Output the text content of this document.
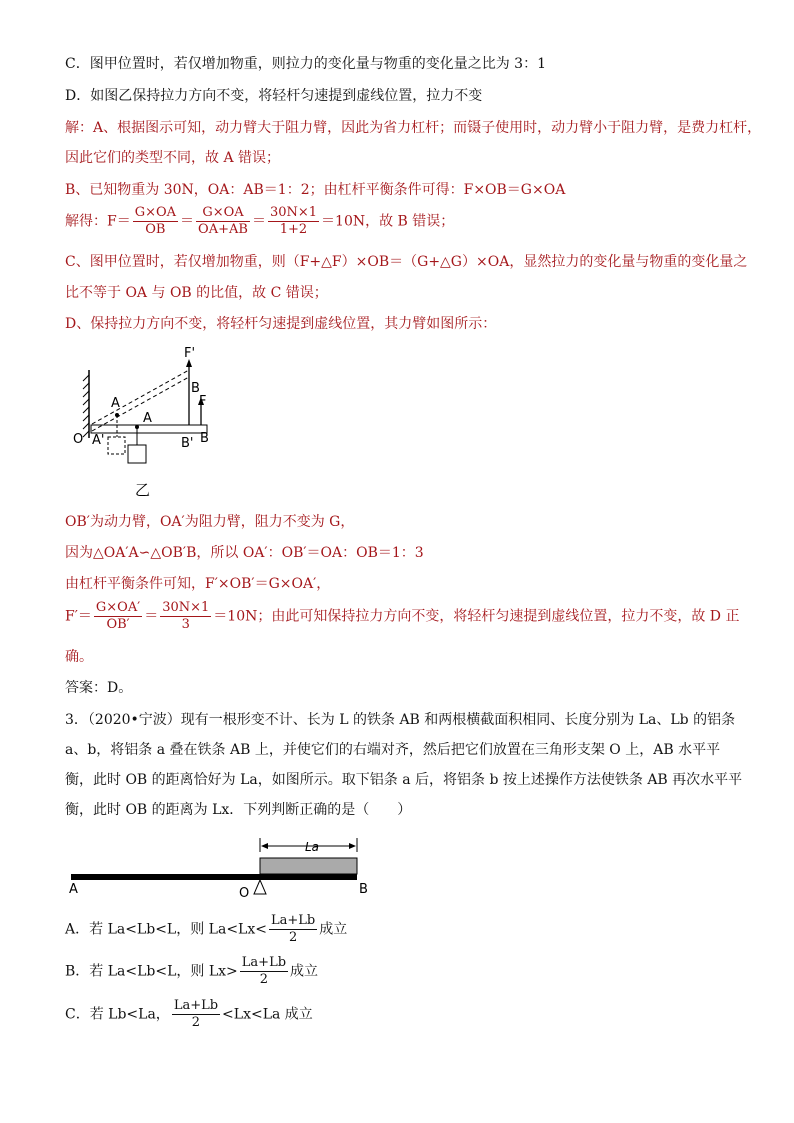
C．图甲位置时，若仅增加物重，则拉力的变化量与物重的变化量之比为 3：1
D．如图乙保持拉力方向不变，将轻杆匀速提到虚线位置，拉力不变
解：A、根据图示可知，动力臂大于阻力臂，因此为省力杠杆；而镊子使用时，动力臂小于阻力臂，是费力杠杆，
因此它们的类型不同，故 A 错误；
B、已知物重为 30N，OA：AB＝1：2；由杠杆平衡条件可得：F×OB＝G×OA
解得：$F= \frac{G\times OA}{OB} = \frac{G\times OA}{OA+AB} = \frac{30N\times 1}{1+2} =10N$，故 B 错误；
C、图甲位置时，若仅增加物重，则（F+△F）×OB＝（G+△G）×OA，显然拉力的变化量与物重的变化量之
比不等于 OA 与 OB 的比值，故 C 错误；
D、保持拉力方向不变，将轻杆匀速提到虚线位置，其力臂如图所示：
F'
B
F
A
A
O A'	B' B
乙
OB′为动力臂，OA′为阻力臂，阻力不变为 G，
因为△OA′A∽△OB′B，所以 OA′：OB′＝OA：OB＝1：3
由杠杆平衡条件可知，F′×OB′＝G×OA′，
$F'= \frac{G\times OA'}{OB'} = \frac{30N\times 1}{3} =10N$；由此可知保持拉力方向不变，将轻杆匀速提到虚线位置，拉力不变，故 D 正
确。
答案：D。
3．（2020•宁波）现有一根形变不计、长为 L 的铁条 AB 和两根横截面积相同、长度分别为 La、Lb 的铝条 a、b，将铝条 a 叠在铁条 AB 上，并使它们的右端对齐，然后把它们放置在三角形支架 O 上，AB 水平平衡，此时 OB 的距离恰好为 La，如图所示。取下铝条 a 后，将铝条 b 按上述操作方法使铁条 AB 再次水平平衡，此时 OB 的距离为 Lx．下列判断正确的是（　　）
La
A	O	B
A．若 La<Lb<L，则 $La<Lx< \frac{La+Lb}{2}$ 成立
B．若 La<Lb<L，则 $Lx> \frac{La+Lb}{2}$ 成立
C．若 Lb<La， $\frac{La+Lb}{2} <Lx<La$ 成立
